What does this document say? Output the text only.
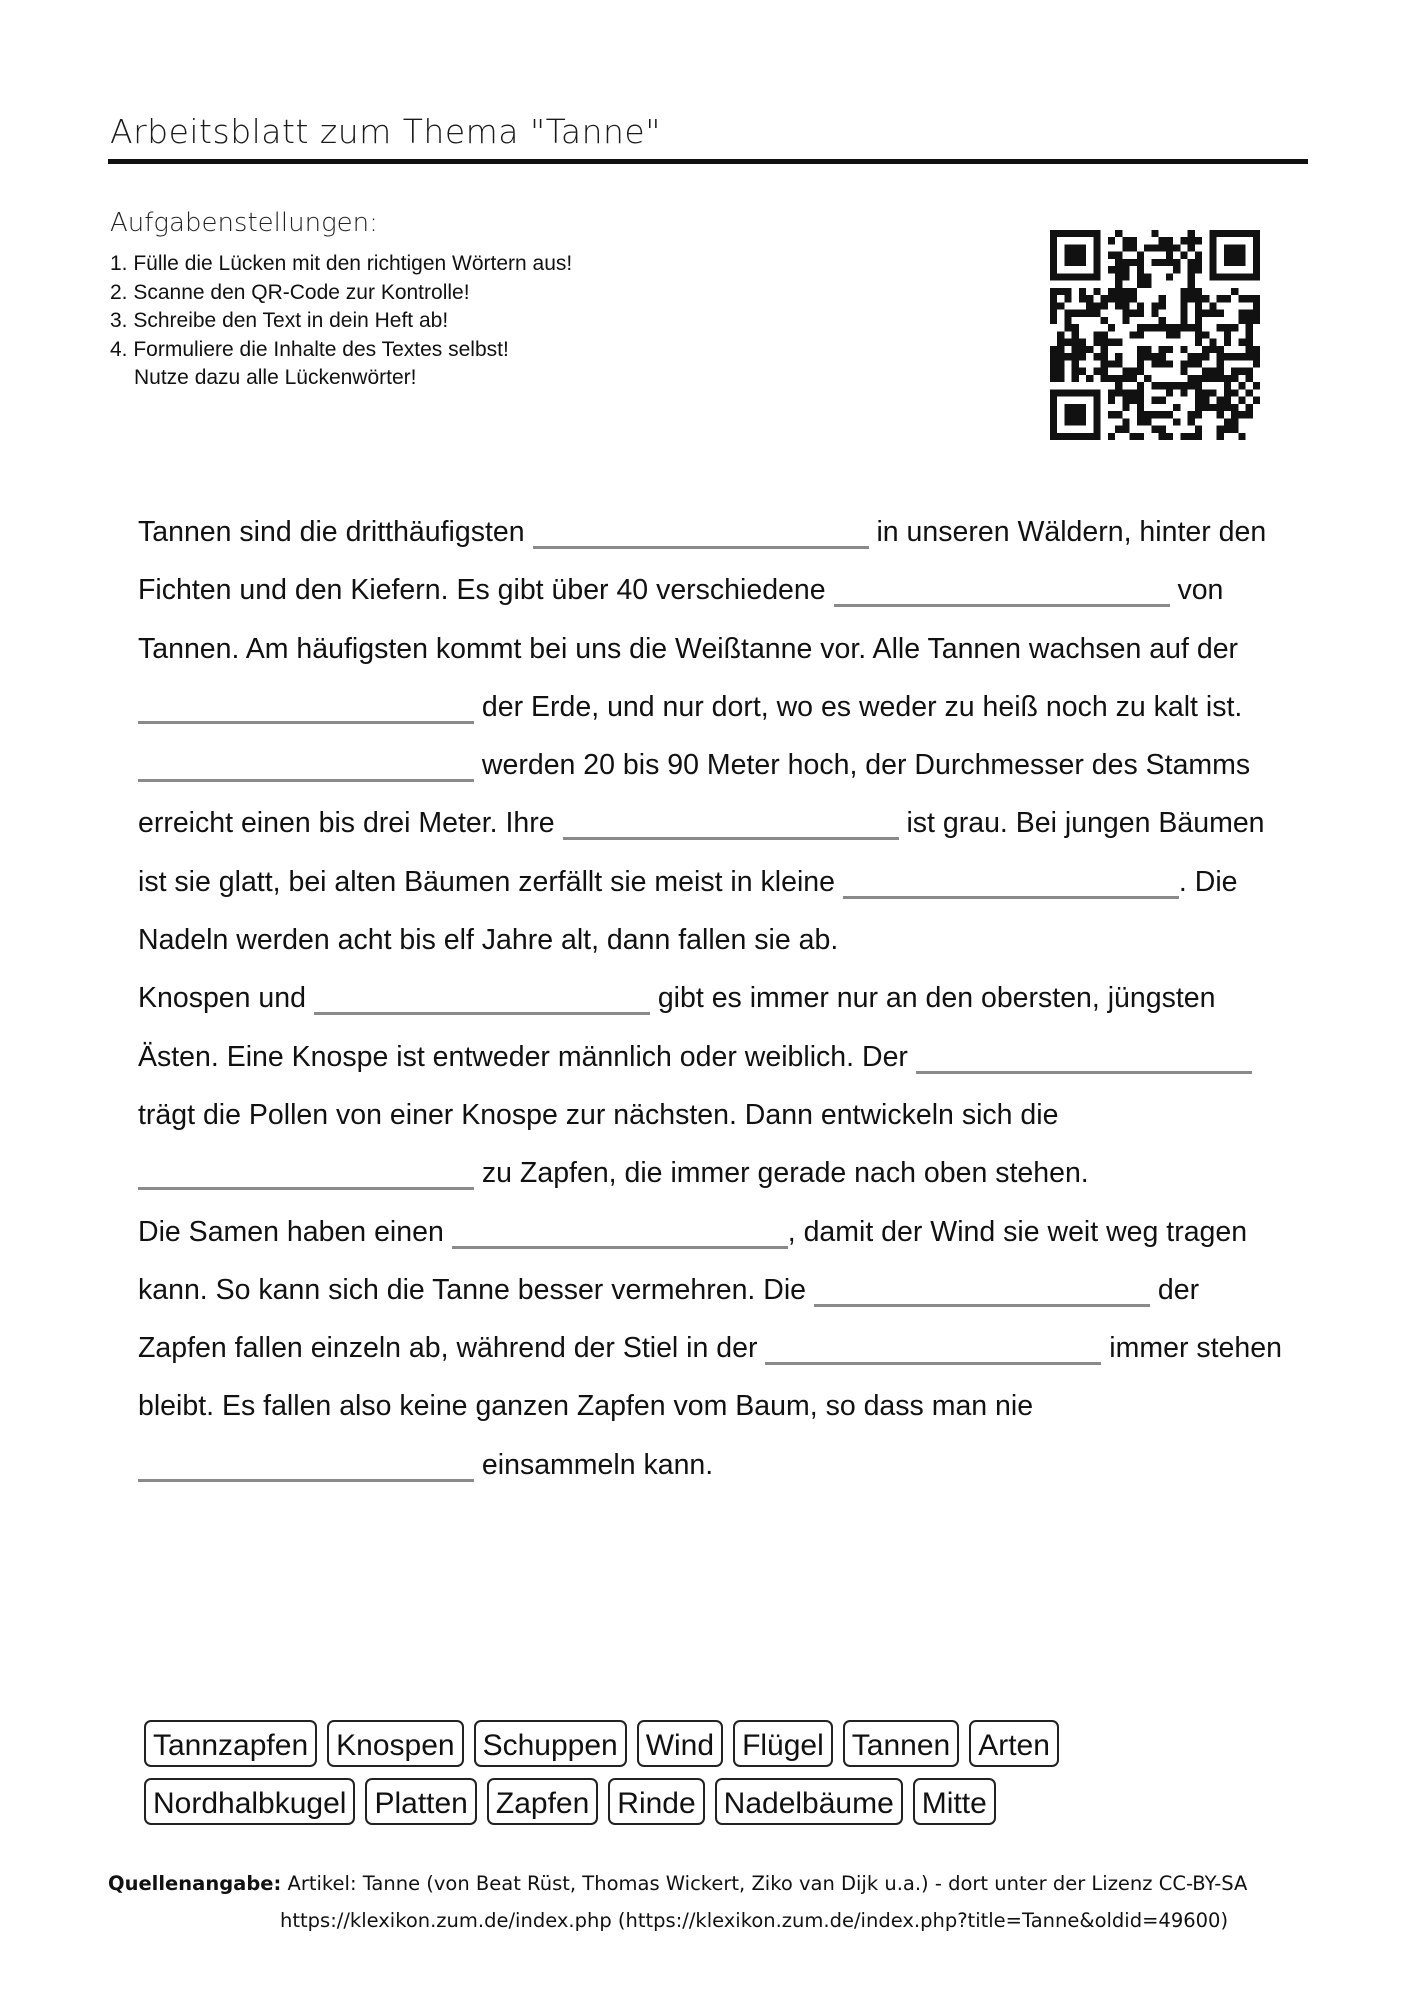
Arbeitsblatt zum Thema "Tanne"
Aufgabenstellungen:
1. Fülle die Lücken mit den richtigen Wörtern aus!
2. Scanne den QR-Code zur Kontrolle!
3. Schreibe den Text in dein Heft ab!
4. Formuliere die Inhalte des Textes selbst!
Nutze dazu alle Lückenwörter!

Tannen sind die dritthäufigsten	in unseren Wäldern, hinter den Fichten und den Kiefern. Es gibt über 40 verschiedene	von Tannen. Am häufigsten kommt bei uns die Weißtanne vor. Alle Tannen wachsen auf der  der Erde, und nur dort, wo es weder zu heiß noch zu kalt ist.  werden 20 bis 90 Meter hoch, der Durchmesser des Stamms erreicht einen bis drei Meter. Ihre	ist grau. Bei jungen Bäumen ist sie glatt, bei alten Bäumen zerfällt sie meist in kleine	. Die Nadeln werden acht bis elf Jahre alt, dann fallen sie ab.

Knospen und	gibt es immer nur an den obersten, jüngsten Ästen. Eine Knospe ist entweder männlich oder weiblich. Der  trägt die Pollen von einer Knospe zur nächsten. Dann entwickeln sich die  zu Zapfen, die immer gerade nach oben stehen.

Die Samen haben einen	, damit der Wind sie weit weg tragen kann. So kann sich die Tanne besser vermehren. Die	der Zapfen fallen einzeln ab, während der Stiel in der	immer stehen bleibt. Es fallen also keine ganzen Zapfen vom Baum, so dass man nie  einsammeln kann.

Tannzapfen Knospen Schuppen Wind Flügel Tannen Arten
Nordhalbkugel Platten Zapfen Rinde Nadelbäume Mitte
Quellenangabe: Artikel: Tanne (von Beat Rüst, Thomas Wickert, Ziko van Dijk u.a.) - dort unter der Lizenz CC-BY-SA
https://klexikon.zum.de/index.php (https://klexikon.zum.de/index.php?title=Tanne&oldid=49600)
